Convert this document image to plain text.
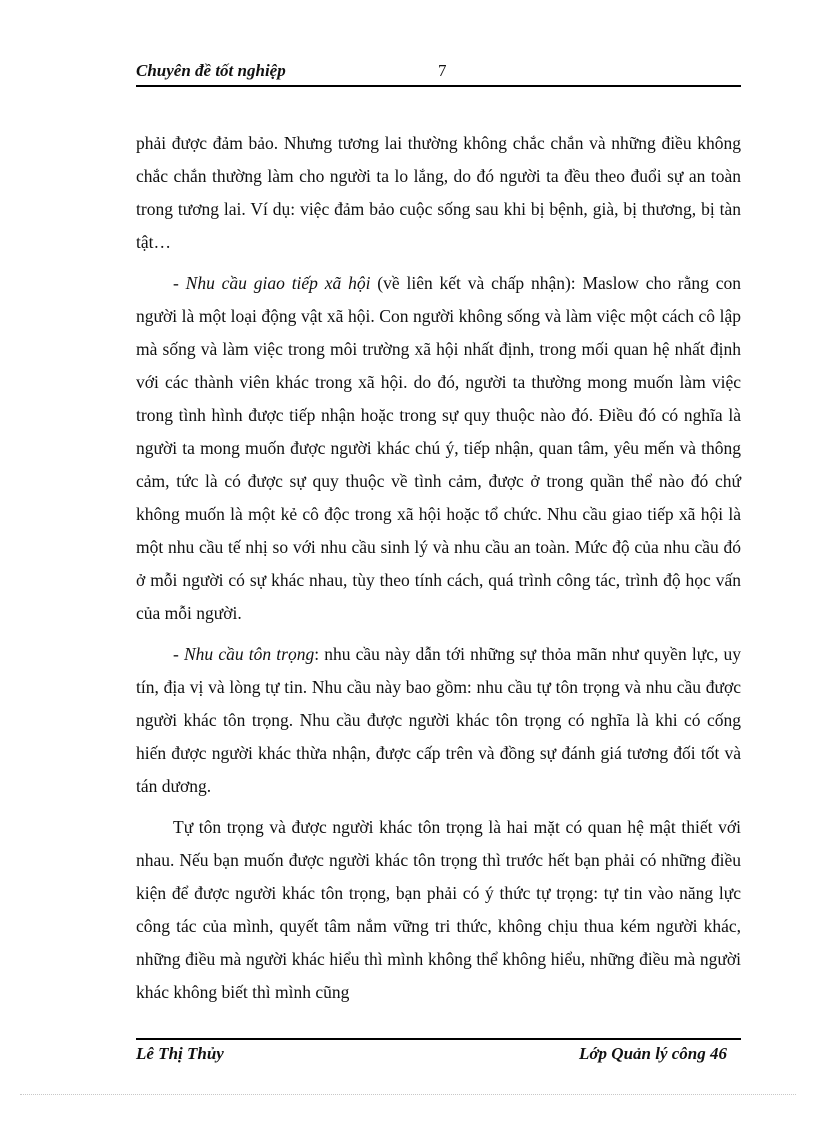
Chuyên đề tốt nghiệp	7

phải được đảm bảo. Nhưng tương lai thường không chắc chắn và những điều không chắc chắn thường làm cho người ta lo lắng, do đó người ta đều theo đuổi sự an toàn trong tương lai. Ví dụ: việc đảm bảo cuộc sống sau khi bị bệnh, già, bị thương, bị tàn tật…

- Nhu cầu giao tiếp xã hội (về liên kết và chấp nhận): Maslow cho rằng con người là một loại động vật xã hội. Con người không sống và làm việc một cách cô lập mà sống và làm việc trong môi trường xã hội nhất định, trong mối quan hệ nhất định với các thành viên khác trong xã hội. do đó, người ta thường mong muốn làm việc trong tình hình được tiếp nhận hoặc trong sự quy thuộc nào đó. Điều đó có nghĩa là người ta mong muốn được người khác chú ý, tiếp nhận, quan tâm, yêu mến và thông cảm, tức là có được sự quy thuộc về tình cảm, được ở trong quần thể nào đó chứ không muốn là một kẻ cô độc trong xã hội hoặc tổ chức. Nhu cầu giao tiếp xã hội là một nhu cầu tế nhị so với nhu cầu sinh lý và nhu cầu an toàn. Mức độ của nhu cầu đó ở mỗi người có sự khác nhau, tùy theo tính cách, quá trình công tác, trình độ học vấn của mỗi người.

- Nhu cầu tôn trọng: nhu cầu này dẫn tới những sự thỏa mãn như quyền lực, uy tín, địa vị và lòng tự tin. Nhu cầu này bao gồm: nhu cầu tự tôn trọng và nhu cầu được người khác tôn trọng. Nhu cầu được người khác tôn trọng có nghĩa là khi có cống hiến được người khác thừa nhận, được cấp trên và đồng sự đánh giá tương đối tốt và tán dương.

Tự tôn trọng và được người khác tôn trọng là hai mặt có quan hệ mật thiết với nhau. Nếu bạn muốn được người khác tôn trọng thì trước hết bạn phải có những điều kiện để được người khác tôn trọng, bạn phải có ý thức tự trọng: tự tin vào năng lực công tác của mình, quyết tâm nắm vững tri thức, không chịu thua kém người khác, những điều mà người khác hiểu thì mình không thể không hiểu, những điều mà người khác không biết thì mình cũng

Lê Thị Thủy	Lớp Quản lý công 46
